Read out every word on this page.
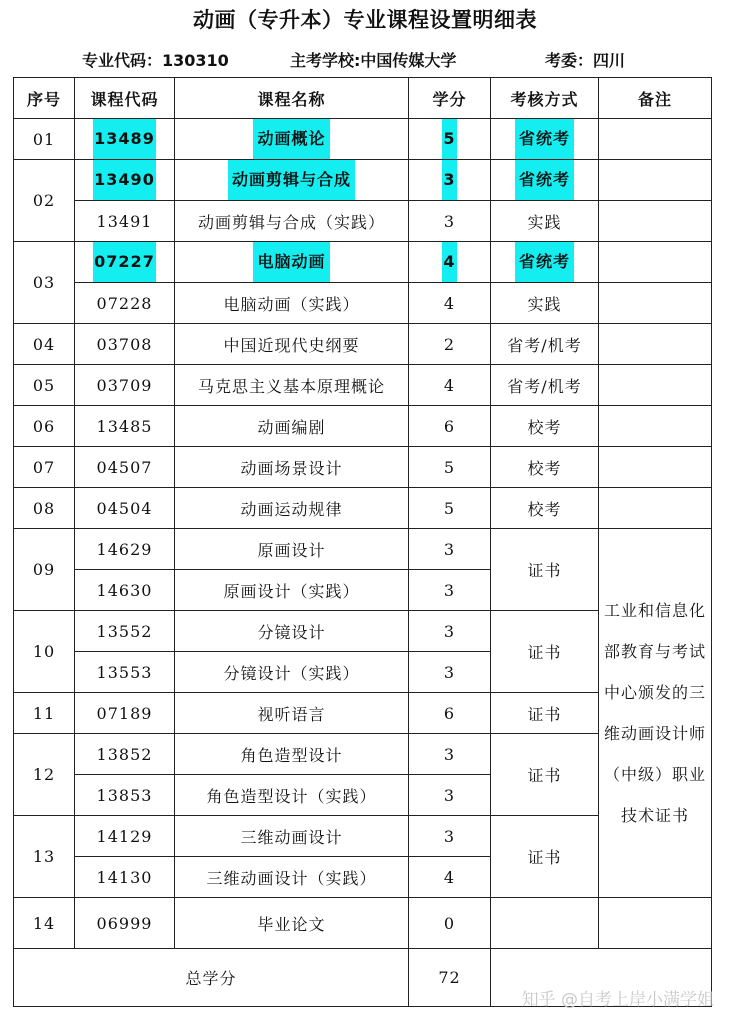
动画（专升本）专业课程设置明细表
专业代码：130310	主考学校:中国传媒大学	考委：四川
序号	课程代码	课程名称	学分	考核方式	备注
01	13489	动画概论	5	省统考	
02	13490	动画剪辑与合成	3	省统考	
	13491	动画剪辑与合成（实践）	3	实践	
03	07227	电脑动画	4	省统考	
	07228	电脑动画（实践）	4	实践	
04	03708	中国近现代史纲要	2	省考/机考	
05	03709	马克思主义基本原理概论	4	省考/机考	
06	13485	动画编剧	6	校考	
07	04507	动画场景设计	5	校考	
08	04504	动画运动规律	5	校考	
09	14629	原画设计	3	证书	工业和信息化部教育与考试中心颁发的三维动画设计师（中级）职业技术证书
	14630	原画设计（实践）	3		
10	13552	分镜设计	3	证书	
	13553	分镜设计（实践）	3		
11	07189	视听语言	6	证书	
12	13852	角色造型设计	3	证书	
	13853	角色造型设计（实践）	3		
13	14129	三维动画设计	3	证书	
	14130	三维动画设计（实践）	4		
14	06999	毕业论文	0		
总学分			72		
知乎 @自考上岸小满学姐
